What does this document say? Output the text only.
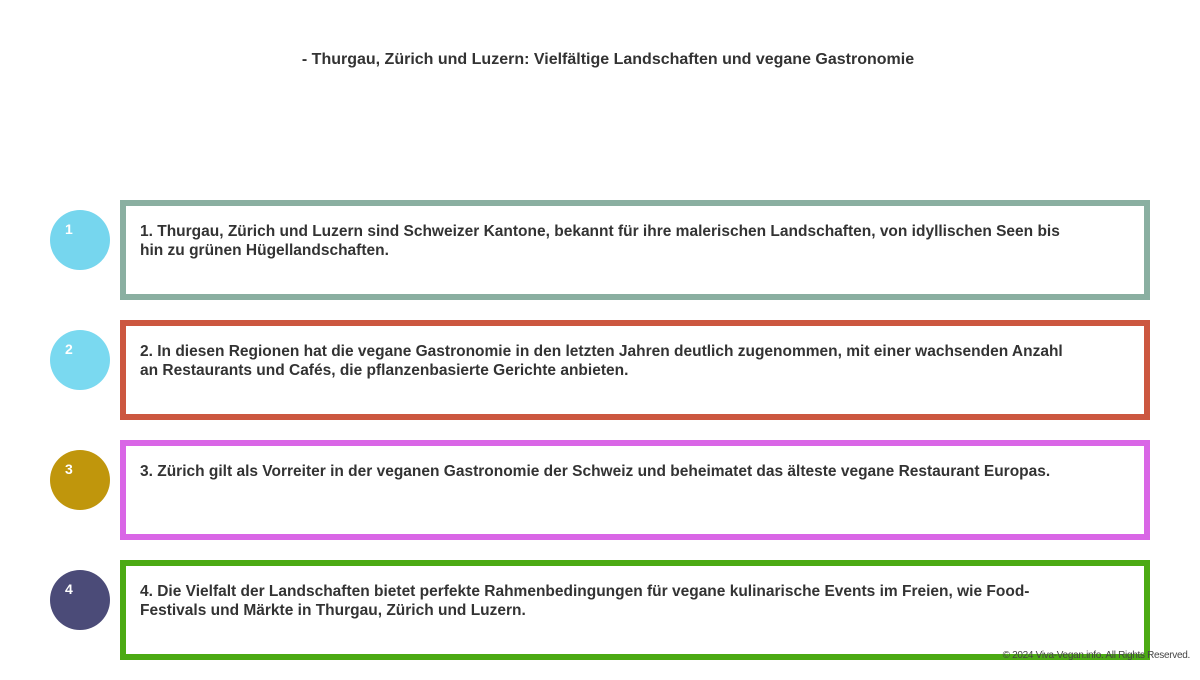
- Thurgau, Zürich und Luzern: Vielfältige Landschaften und vegane Gastronomie
1	1. Thurgau, Zürich und Luzern sind Schweizer Kantone, bekannt für ihre malerischen Landschaften, von idyllischen Seen bis hin zu grünen Hügellandschaften.
2	2. In diesen Regionen hat die vegane Gastronomie in den letzten Jahren deutlich zugenommen, mit einer wachsenden Anzahl an Restaurants und Cafés, die pflanzenbasierte Gerichte anbieten.
3	3. Zürich gilt als Vorreiter in der veganen Gastronomie der Schweiz und beheimatet das älteste vegane Restaurant Europas.
4	4. Die Vielfalt der Landschaften bietet perfekte Rahmenbedingungen für vegane kulinarische Events im Freien, wie Food-Festivals und Märkte in Thurgau, Zürich und Luzern.
© 2024 Viva-Vegan.info. All Rights Reserved.
